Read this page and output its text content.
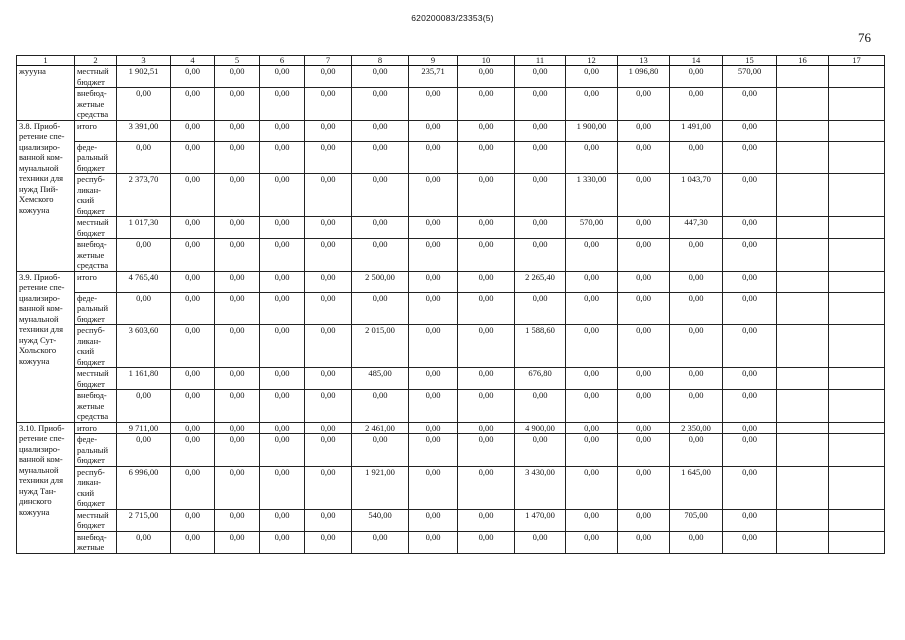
620200083/23353(5)
76
1	2	3	4	5	6	7	8	9	10	11	12	13	14	15	16	17
жуууна	местный бюджет	1 902,51	0,00	0,00	0,00	0,00	0,00	235,71	0,00	0,00	0,00	1 096,80	0,00	570,00		
	внебюд-жетные средства	0,00	0,00	0,00	0,00	0,00	0,00	0,00	0,00	0,00	0,00	0,00	0,00	0,00		
3.8. Приоб-ретение спе-циализиро-ванной ком-мунальной техники для нужд Пий-Хемского кожууна	итого	3 391,00	0,00	0,00	0,00	0,00	0,00	0,00	0,00	0,00	1 900,00	0,00	1 491,00	0,00		
	феде-ральный бюджет	0,00	0,00	0,00	0,00	0,00	0,00	0,00	0,00	0,00	0,00	0,00	0,00	0,00		
	респуб-ликан-ский бюджет	2 373,70	0,00	0,00	0,00	0,00	0,00	0,00	0,00	0,00	1 330,00	0,00	1 043,70	0,00		
	местный бюджет	1 017,30	0,00	0,00	0,00	0,00	0,00	0,00	0,00	0,00	570,00	0,00	447,30	0,00		
	внебюд-жетные средства	0,00	0,00	0,00	0,00	0,00	0,00	0,00	0,00	0,00	0,00	0,00	0,00	0,00		
3.9. Приоб-ретение спе-циализиро-ванной ком-мунальной техники для нужд Сут-Хольского кожууна	итого	4 765,40	0,00	0,00	0,00	0,00	2 500,00	0,00	0,00	2 265,40	0,00	0,00	0,00	0,00		
	феде-ральный бюджет	0,00	0,00	0,00	0,00	0,00	0,00	0,00	0,00	0,00	0,00	0,00	0,00	0,00		
	респуб-ликан-ский бюджет	3 603,60	0,00	0,00	0,00	0,00	2 015,00	0,00	0,00	1 588,60	0,00	0,00	0,00	0,00		
	местный бюджет	1 161,80	0,00	0,00	0,00	0,00	485,00	0,00	0,00	676,80	0,00	0,00	0,00	0,00		
	внебюд-жетные средства	0,00	0,00	0,00	0,00	0,00	0,00	0,00	0,00	0,00	0,00	0,00	0,00	0,00		
3.10. Приоб-ретение спе-циализиро-ванной ком-мунальной техники для нужд Тан-динского кожууна	итого	9 711,00	0,00	0,00	0,00	0,00	2 461,00	0,00	0,00	4 900,00	0,00	0,00	2 350,00	0,00		
	феде-ральный бюджет	0,00	0,00	0,00	0,00	0,00	0,00	0,00	0,00	0,00	0,00	0,00	0,00	0,00		
	респуб-ликан-ский бюджет	6 996,00	0,00	0,00	0,00	0,00	1 921,00	0,00	0,00	3 430,00	0,00	0,00	1 645,00	0,00		
	местный бюджет	2 715,00	0,00	0,00	0,00	0,00	540,00	0,00	0,00	1 470,00	0,00	0,00	705,00	0,00		
	внебюд-жетные	0,00	0,00	0,00	0,00	0,00	0,00	0,00	0,00	0,00	0,00	0,00	0,00	0,00		
